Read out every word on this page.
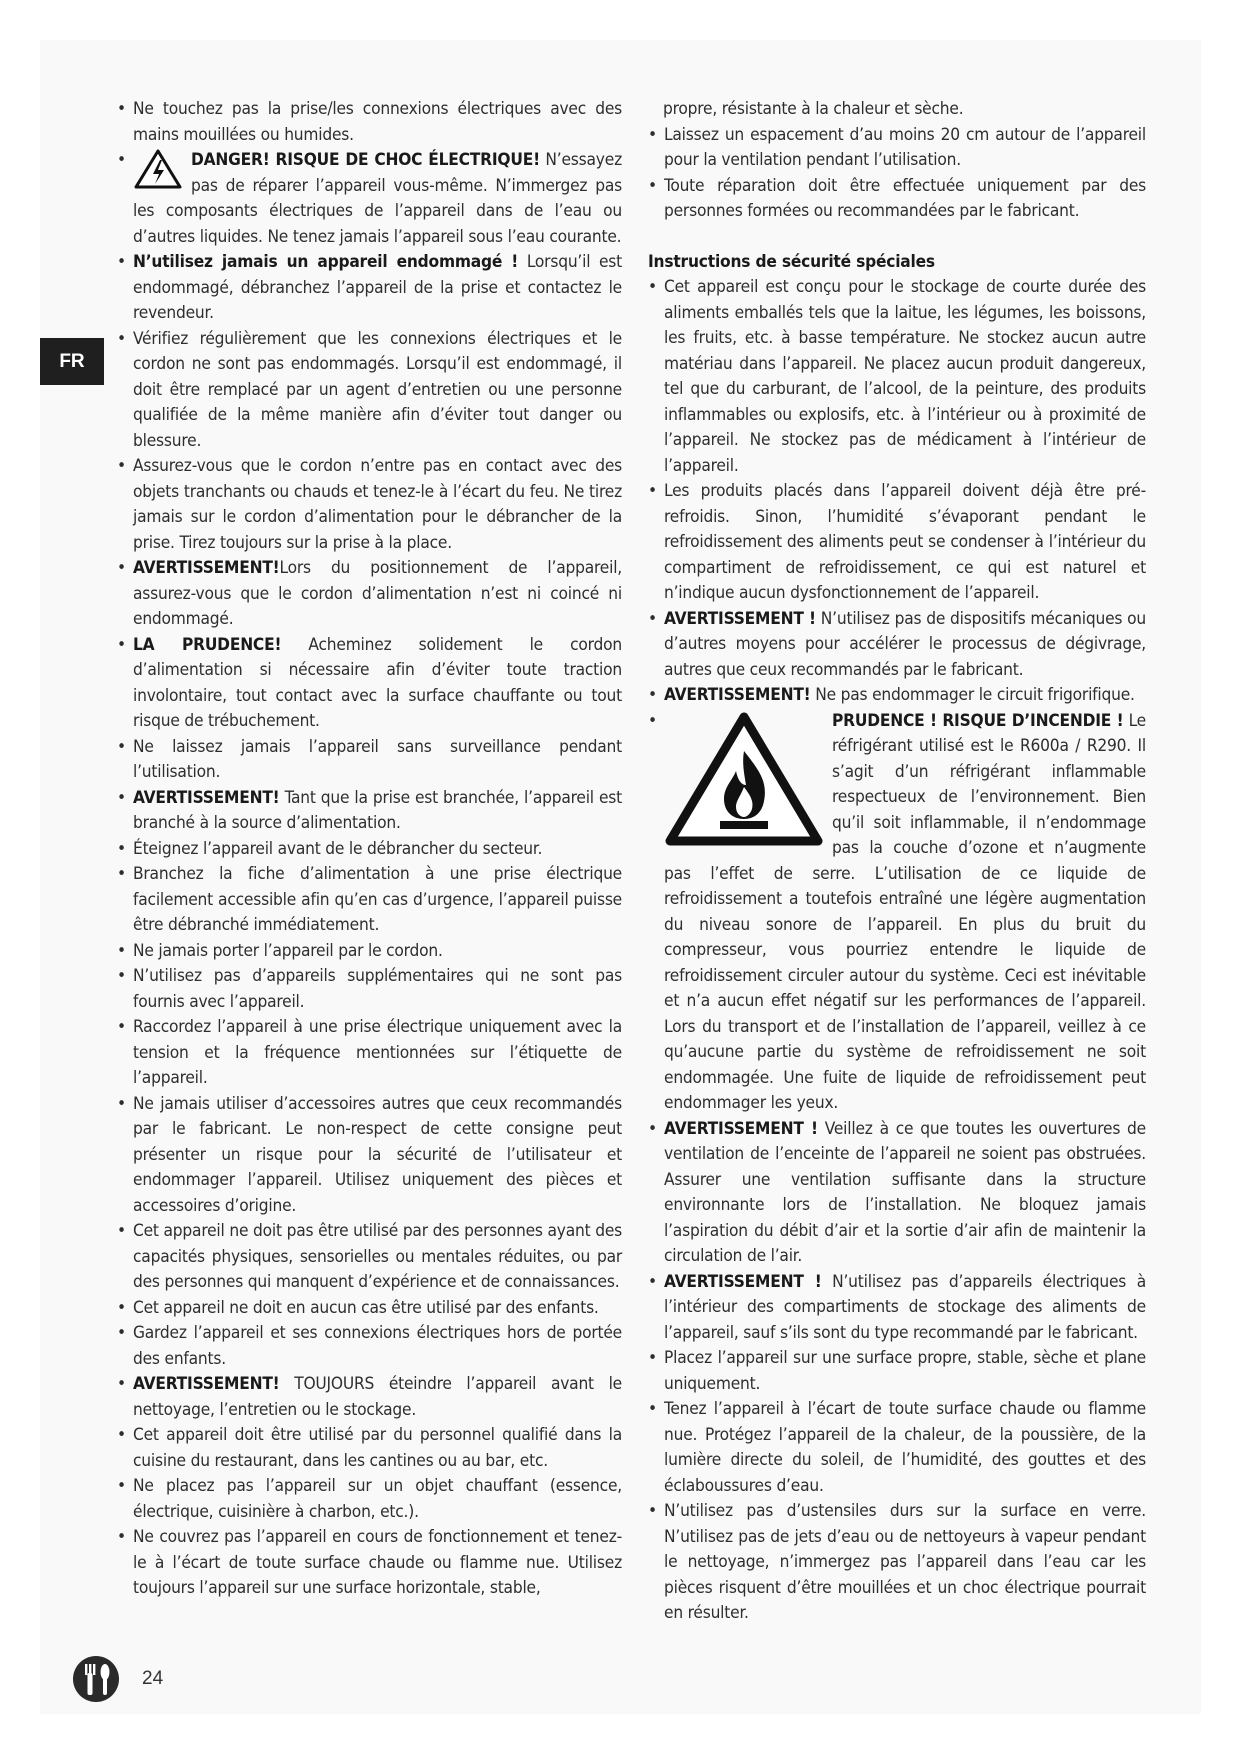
FR
• Ne touchez pas la prise/les connexions électriques avec des mains mouillées ou humides.
•	DANGER! RISQUE DE CHOC ÉLECTRIQUE! N’essayez pas de réparer l’appareil vous-même. N’immergez pas les composants électriques de l’appareil dans de l’eau ou d’autres liquides. Ne tenez jamais l’appareil sous l’eau courante.
• N’utilisez jamais un appareil endommagé ! Lorsqu’il est endommagé, débranchez l’appareil de la prise et contactez le revendeur.
• Vérifiez régulièrement que les connexions électriques et le cordon ne sont pas endommagés. Lorsqu’il est endommagé, il doit être remplacé par un agent d’entretien ou une personne qualifiée de la même manière afin d’éviter tout danger ou blessure.
• Assurez-vous que le cordon n’entre pas en contact avec des objets tranchants ou chauds et tenez-le à l’écart du feu. Ne tirez jamais sur le cordon d’alimentation pour le débrancher de la prise. Tirez toujours sur la prise à la place.
• AVERTISSEMENT!Lors du positionnement de l’appareil, assurez-vous que le cordon d’alimentation n’est ni coincé ni endommagé.
• LA PRUDENCE! Acheminez solidement le cordon d’alimentation si nécessaire afin d’éviter toute traction involontaire, tout contact avec la surface chauffante ou tout risque de trébuchement.
• Ne laissez jamais l’appareil sans surveillance pendant l’utilisation.
• AVERTISSEMENT! Tant que la prise est branchée, l’appareil est branché à la source d’alimentation.
• Éteignez l’appareil avant de le débrancher du secteur.
• Branchez la fiche d’alimentation à une prise électrique facilement accessible afin qu’en cas d’urgence, l’appareil puisse être débranché immédiatement.
• Ne jamais porter l’appareil par le cordon.
• N’utilisez pas d’appareils supplémentaires qui ne sont pas fournis avec l’appareil.
• Raccordez l’appareil à une prise électrique uniquement avec la tension et la fréquence mentionnées sur l’étiquette de l’appareil.
• Ne jamais utiliser d’accessoires autres que ceux recommandés par le fabricant. Le non-respect de cette consigne peut présenter un risque pour la sécurité de l’utilisateur et endommager l’appareil. Utilisez uniquement des pièces et accessoires d’origine.
• Cet appareil ne doit pas être utilisé par des personnes ayant des capacités physiques, sensorielles ou mentales réduites, ou par des personnes qui manquent d’expérience et de connaissances.
• Cet appareil ne doit en aucun cas être utilisé par des enfants.
• Gardez l’appareil et ses connexions électriques hors de portée des enfants.
• AVERTISSEMENT! TOUJOURS éteindre l’appareil avant le nettoyage, l’entretien ou le stockage.
• Cet appareil doit être utilisé par du personnel qualifié dans la cuisine du restaurant, dans les cantines ou au bar, etc.
• Ne placez pas l’appareil sur un objet chauffant (essence, électrique, cuisinière à charbon, etc.).
• Ne couvrez pas l’appareil en cours de fonctionnement et tenez-le à l’écart de toute surface chaude ou flamme nue. Utilisez toujours l’appareil sur une surface horizontale, stable,
propre, résistante à la chaleur et sèche.
• Laissez un espacement d’au moins 20 cm autour de l’appareil pour la ventilation pendant l’utilisation.
• Toute réparation doit être effectuée uniquement par des personnes formées ou recommandées par le fabricant.
Instructions de sécurité spéciales
• Cet appareil est conçu pour le stockage de courte durée des aliments emballés tels que la laitue, les légumes, les boissons, les fruits, etc. à basse température. Ne stockez aucun autre matériau dans l’appareil. Ne placez aucun produit dangereux, tel que du carburant, de l’alcool, de la peinture, des produits inflammables ou explosifs, etc. à l’intérieur ou à proximité de l’appareil. Ne stockez pas de médicament à l’intérieur de l’appareil.
• Les produits placés dans l’appareil doivent déjà être pré-refroidis. Sinon, l’humidité s’évaporant pendant le refroidissement des aliments peut se condenser à l’intérieur du compartiment de refroidissement, ce qui est naturel et n’indique aucun dysfonctionnement de l’appareil.
• AVERTISSEMENT ! N’utilisez pas de dispositifs mécaniques ou d’autres moyens pour accélérer le processus de dégivrage, autres que ceux recommandés par le fabricant.
• AVERTISSEMENT! Ne pas endommager le circuit frigorifique.
•	PRUDENCE ! RISQUE D’INCENDIE ! Le réfrigérant utilisé est le R600a / R290. Il s’agit d’un réfrigérant inflammable respectueux de l’environnement. Bien qu’il soit inflammable, il n’endommage pas la couche d’ozone et n’augmente pas l’effet de serre. L’utilisation de ce liquide de refroidissement a toutefois entraîné une légère augmentation du niveau sonore de l’appareil. En plus du bruit du compresseur, vous pourriez entendre le liquide de refroidissement circuler autour du système. Ceci est inévitable et n’a aucun effet négatif sur les performances de l’appareil. Lors du transport et de l’installation de l’appareil, veillez à ce qu’aucune partie du système de refroidissement ne soit endommagée. Une fuite de liquide de refroidissement peut endommager les yeux.
• AVERTISSEMENT ! Veillez à ce que toutes les ouvertures de ventilation de l’enceinte de l’appareil ne soient pas obstruées. Assurer une ventilation suffisante dans la structure environnante lors de l’installation. Ne bloquez jamais l’aspiration du débit d’air et la sortie d’air afin de maintenir la circulation de l’air.
• AVERTISSEMENT ! N’utilisez pas d’appareils électriques à l’intérieur des compartiments de stockage des aliments de l’appareil, sauf s’ils sont du type recommandé par le fabricant.
• Placez l’appareil sur une surface propre, stable, sèche et plane uniquement.
• Tenez l’appareil à l’écart de toute surface chaude ou flamme nue. Protégez l’appareil de la chaleur, de la poussière, de la lumière directe du soleil, de l’humidité, des gouttes et des éclaboussures d’eau.
• N’utilisez pas d’ustensiles durs sur la surface en verre. N’utilisez pas de jets d’eau ou de nettoyeurs à vapeur pendant le nettoyage, n’immergez pas l’appareil dans l’eau car les pièces risquent d’être mouillées et un choc électrique pourrait en résulter.
24
